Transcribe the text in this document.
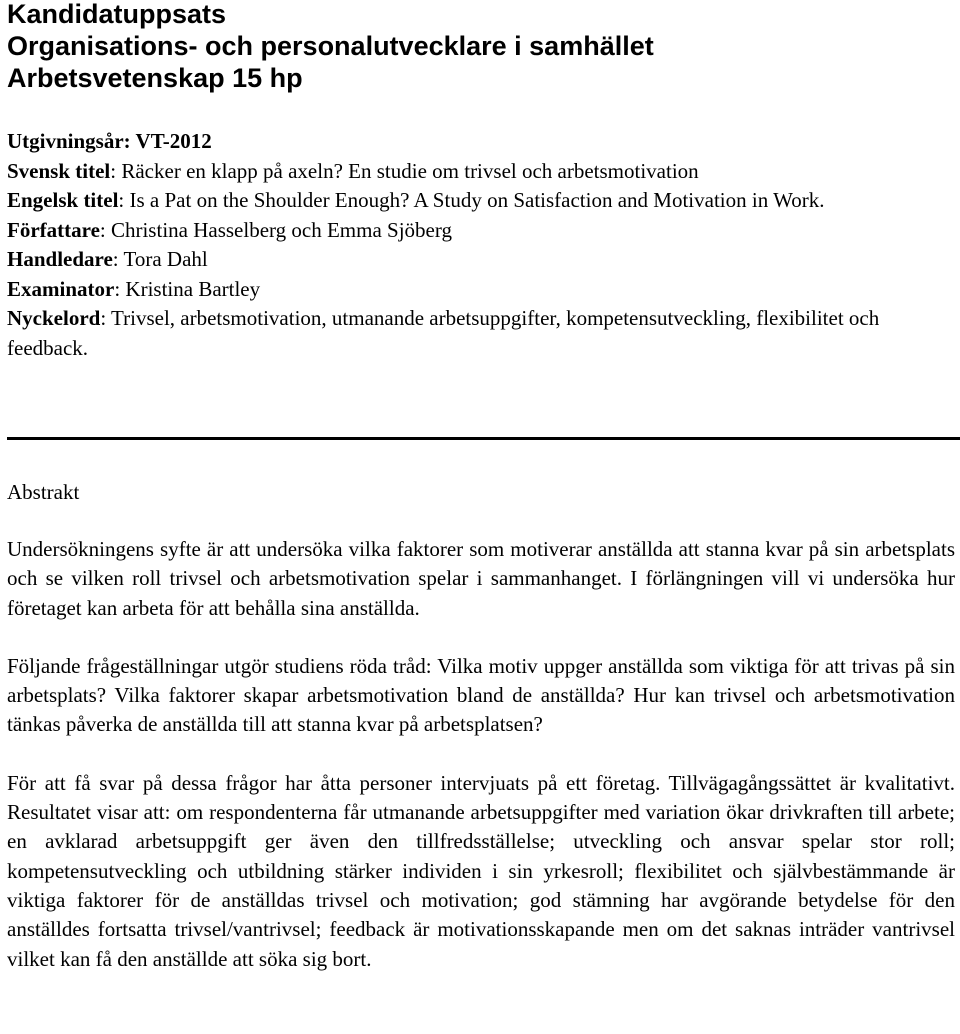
Kandidatuppsats
Organisations- och personalutvecklare i samhället
Arbetsvetenskap 15 hp
Utgivningsår: VT-2012
Svensk titel: Räcker en klapp på axeln? En studie om trivsel och arbetsmotivation
Engelsk titel: Is a Pat on the Shoulder Enough? A Study on Satisfaction and Motivation in Work.
Författare: Christina Hasselberg och Emma Sjöberg
Handledare: Tora Dahl
Examinator: Kristina Bartley
Nyckelord: Trivsel, arbetsmotivation, utmanande arbetsuppgifter, kompetensutveckling, flexibilitet och feedback.
Abstrakt

Undersökningens syfte är att undersöka vilka faktorer som motiverar anställda att stanna kvar på sin arbetsplats och se vilken roll trivsel och arbetsmotivation spelar i sammanhanget. I förlängningen vill vi undersöka hur företaget kan arbeta för att behålla sina anställda.

Följande frågeställningar utgör studiens röda tråd: Vilka motiv uppger anställda som viktiga för att trivas på sin arbetsplats? Vilka faktorer skapar arbetsmotivation bland de anställda? Hur kan trivsel och arbetsmotivation tänkas påverka de anställda till att stanna kvar på arbetsplatsen?

För att få svar på dessa frågor har åtta personer intervjuats på ett företag. Tillvägagångssättet är kvalitativt. Resultatet visar att: om respondenterna får utmanande arbetsuppgifter med variation ökar drivkraften till arbete; en avklarad arbetsuppgift ger även den tillfredsställelse; utveckling och ansvar spelar stor roll; kompetensutveckling och utbildning stärker individen i sin yrkesroll; flexibilitet och självbestämmande är viktiga faktorer för de anställdas trivsel och motivation; god stämning har avgörande betydelse för den anställdes fortsatta trivsel/vantrivsel; feedback är motivationsskapande men om det saknas inträder vantrivsel vilket kan få den anställde att söka sig bort.
